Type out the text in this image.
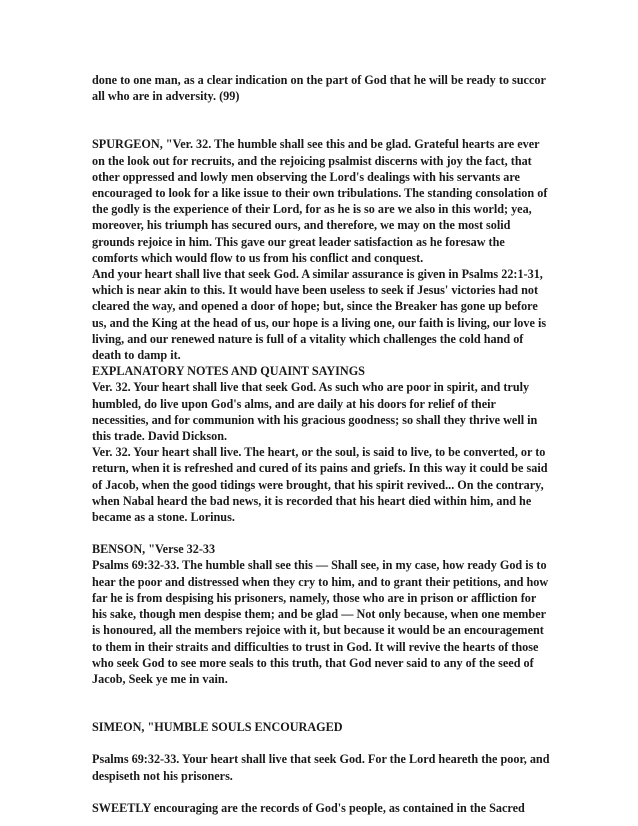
done to one man, as a clear indication on the part of God that he will be ready to succor all who are in adversity. (99)

SPURGEON, "Ver. 32. The humble shall see this and be glad. Grateful hearts are ever on the look out for recruits, and the rejoicing psalmist discerns with joy the fact, that other oppressed and lowly men observing the Lord's dealings with his servants are encouraged to look for a like issue to their own tribulations. The standing consolation of the godly is the experience of their Lord, for as he is so are we also in this world; yea, moreover, his triumph has secured ours, and therefore, we may on the most solid grounds rejoice in him. This gave our great leader satisfaction as he foresaw the comforts which would flow to us from his conflict and conquest.

And your heart shall live that seek God. A similar assurance is given in Psalms 22:1-31, which is near akin to this. It would have been useless to seek if Jesus' victories had not cleared the way, and opened a door of hope; but, since the Breaker has gone up before us, and the King at the head of us, our hope is a living one, our faith is living, our love is living, and our renewed nature is full of a vitality which challenges the cold hand of death to damp it.

EXPLANATORY NOTES AND QUAINT SAYINGS

Ver. 32. Your heart shall live that seek God. As such who are poor in spirit, and truly humbled, do live upon God's alms, and are daily at his doors for relief of their necessities, and for communion with his gracious goodness; so shall they thrive well in this trade. David Dickson.

Ver. 32. Your heart shall live. The heart, or the soul, is said to live, to be converted, or to return, when it is refreshed and cured of its pains and griefs. In this way it could be said of Jacob, when the good tidings were brought, that his spirit revived... On the contrary, when Nabal heard the bad news, it is recorded that his heart died within him, and he became as a stone. Lorinus.

BENSON, "Verse 32-33

Psalms 69:32-33. The humble shall see this — Shall see, in my case, how ready God is to hear the poor and distressed when they cry to him, and to grant their petitions, and how far he is from despising his prisoners, namely, those who are in prison or affliction for his sake, though men despise them; and be glad — Not only because, when one member is honoured, all the members rejoice with it, but because it would be an encouragement to them in their straits and difficulties to trust in God. It will revive the hearts of those who seek God to see more seals to this truth, that God never said to any of the seed of Jacob, Seek ye me in vain.

SIMEON, "HUMBLE SOULS ENCOURAGED

Psalms 69:32-33. Your heart shall live that seek God. For the Lord heareth the poor, and despiseth not his prisoners.

SWEETLY encouraging are the records of God's people, as contained in the Sacred
